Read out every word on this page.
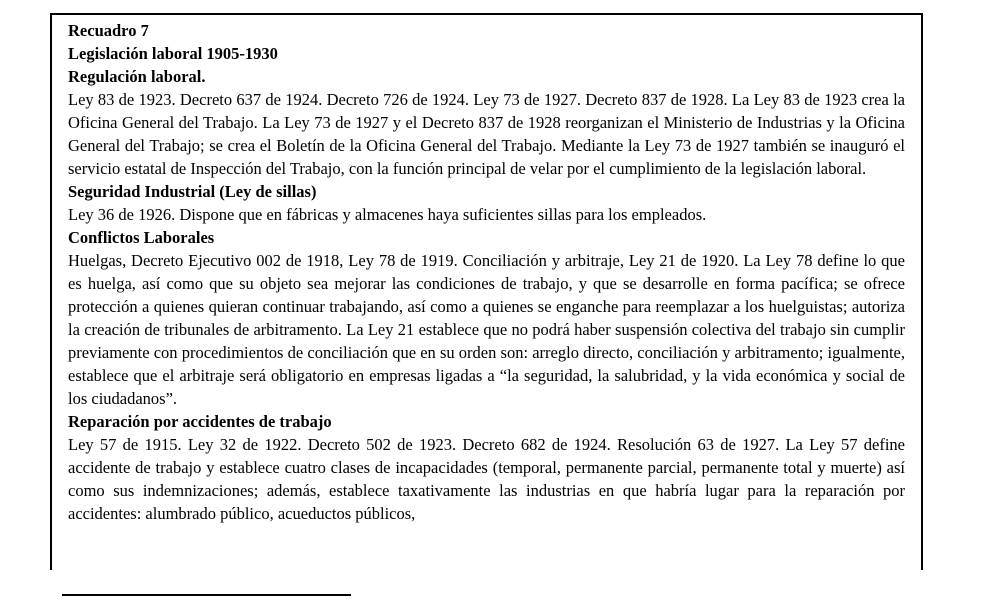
Recuadro 7
Legislación laboral 1905-1930
Regulación laboral.
Ley 83 de 1923. Decreto 637 de 1924. Decreto 726 de 1924. Ley 73 de 1927. Decreto 837 de 1928. La Ley 83 de 1923 crea la Oficina General del Trabajo. La Ley 73 de 1927 y el Decreto 837 de 1928 reorganizan el Ministerio de Industrias y la Oficina General del Trabajo; se crea el Boletín de la Oficina General del Trabajo. Mediante la Ley 73 de 1927 también se inauguró el servicio estatal de Inspección del Trabajo, con la función principal de velar por el cumplimiento de la legislación laboral.
Seguridad Industrial (Ley de sillas)
Ley 36 de 1926. Dispone que en fábricas y almacenes haya suficientes sillas para los empleados.
Conflictos Laborales
Huelgas, Decreto Ejecutivo 002 de 1918, Ley 78 de 1919. Conciliación y arbitraje, Ley 21 de 1920. La Ley 78 define lo que es huelga, así como que su objeto sea mejorar las condiciones de trabajo, y que se desarrolle en forma pacífica; se ofrece protección a quienes quieran continuar trabajando, así como a quienes se enganche para reemplazar a los huelguistas; autoriza la creación de tribunales de arbitramento. La Ley 21 establece que no podrá haber suspensión colectiva del trabajo sin cumplir previamente con procedimientos de conciliación que en su orden son: arreglo directo, conciliación y arbitramento; igualmente, establece que el arbitraje será obligatorio en empresas ligadas a “la seguridad, la salubridad, y la vida económica y social de los ciudadanos”.
Reparación por accidentes de trabajo
Ley 57 de 1915. Ley 32 de 1922. Decreto 502 de 1923. Decreto 682 de 1924. Resolución 63 de 1927. La Ley 57 define accidente de trabajo y establece cuatro clases de incapacidades (temporal, permanente parcial, permanente total y muerte) así como sus indemnizaciones; además, establece taxativamente las industrias en que habría lugar para la reparación por accidentes: alumbrado público, acueductos públicos,
